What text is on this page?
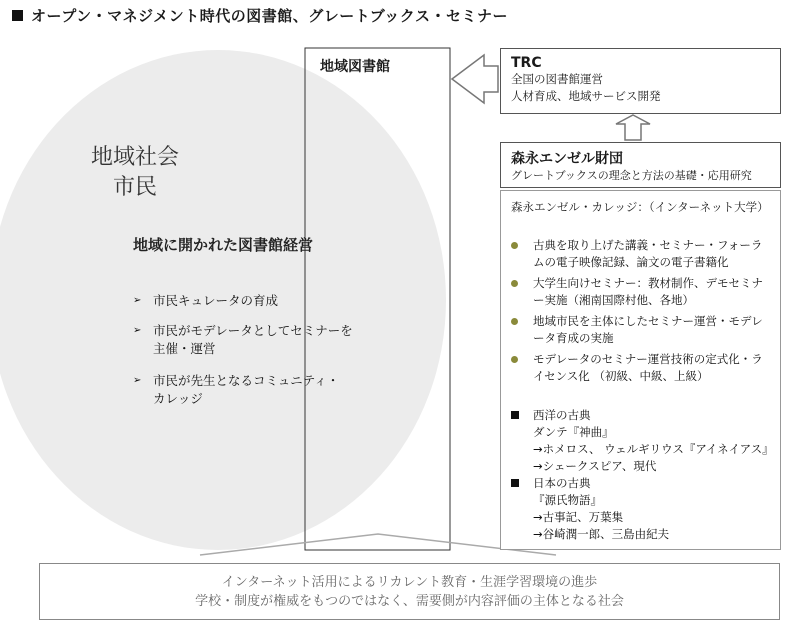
オープン・マネジメント時代の図書館、グレートブックス・セミナー
地域社会
市民
地域図書館
地域に開かれた図書館経営
➢ 市民キュレータの育成
➢ 市民がモデレータとしてセミナーを主催・運営
➢ 市民が先生となるコミュニティ・カレッジ
TRC
全国の図書館運営
人材育成、地域サービス開発
森永エンゼル財団
グレートブックスの理念と方法の基礎・応用研究
森永エンゼル・カレッジ：（インターネット大学）
古典を取り上げた講義・セミナー・フォーラムの電子映像記録、論文の電子書籍化
大学生向けセミナー：教材制作、デモセミナー実施（湘南国際村他、各地）
地域市民を主体にしたセミナー運営・モデレータ育成の実施
モデレータのセミナー運営技術の定式化・ライセンス化 （初級、中級、上級）
西洋の古典
ダンテ『神曲』
→ホメロス、 ウェルギリウス『アイネイアス』
→シェークスピア、現代
日本の古典
『源氏物語』
→古事記、万葉集
→谷崎潤一郎、三島由紀夫
インターネット活用によるリカレント教育・生涯学習環境の進歩
学校・制度が権威をもつのではなく、需要側が内容評価の主体となる社会
